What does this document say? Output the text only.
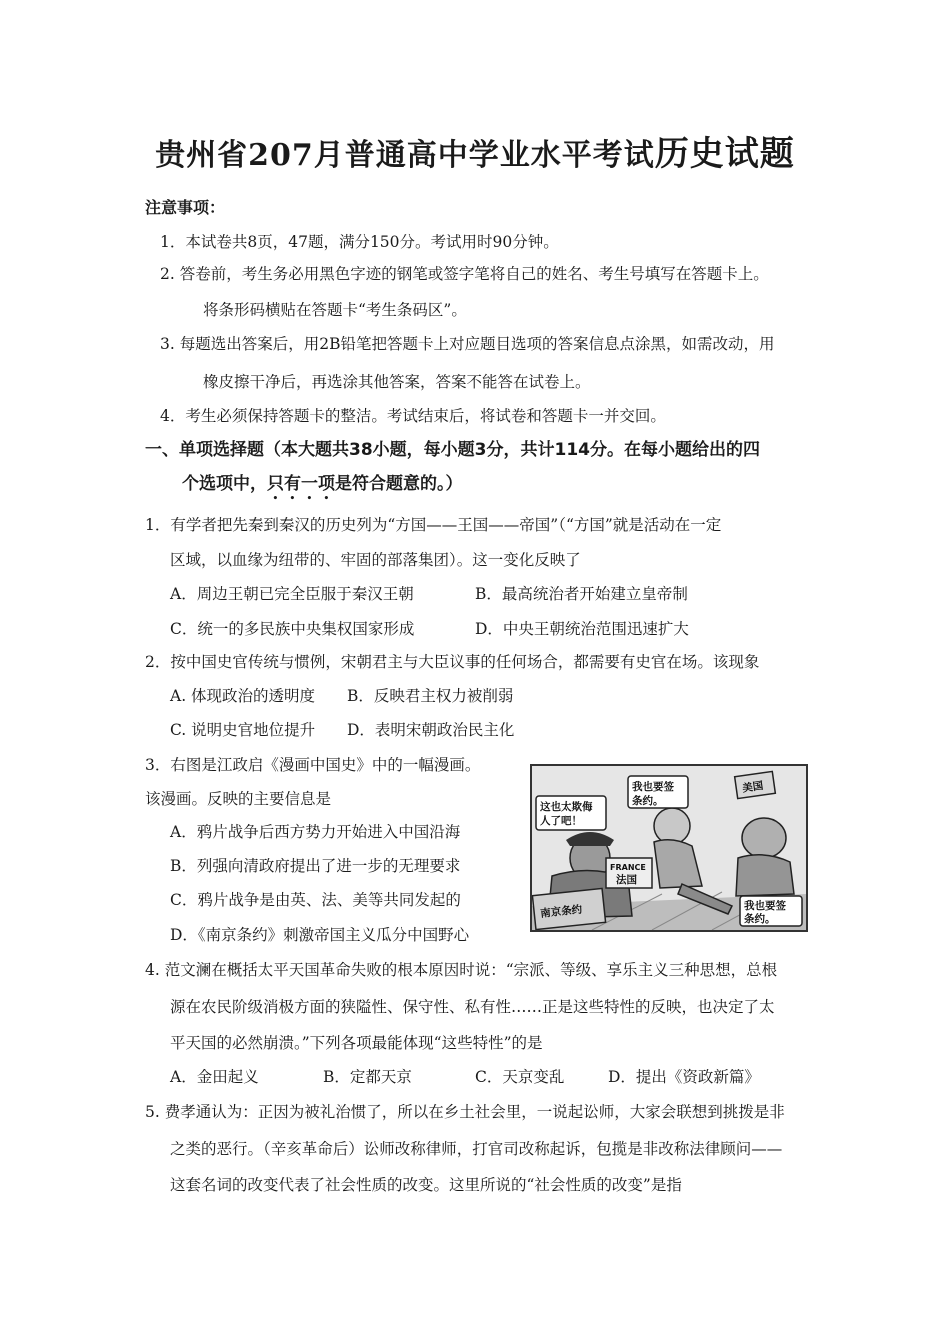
贵州省207月普通高中学业水平考试历史试题
注意事项：
1．本试卷共8页，47题，满分150分。考试用时90分钟。
2. 答卷前，考生务必用黑色字迹的钢笔或签字笔将自己的姓名、考生号填写在答题卡上。
将条形码横贴在答题卡“考生条码区”。
3. 每题选出答案后，用2B铅笔把答题卡上对应题目选项的答案信息点涂黑，如需改动，用
橡皮擦干净后，再选涂其他答案，答案不能答在试卷上。
4．考生必须保持答题卡的整洁。考试结束后，将试卷和答题卡一并交回。
一、单项选择题（本大题共38小题，每小题3分，共计114分。在每小题给出的四
个选项中，只有一项是符合题意的。）
1．有学者把先秦到秦汉的历史列为“方国——王国——帝国”（“方国”就是活动在一定
区域，以血缘为纽带的、牢固的部落集团）。这一变化反映了
A．周边王朝已完全臣服于秦汉王朝	B．最高统治者开始建立皇帝制
C．统一的多民族中央集权国家形成	D．中央王朝统治范围迅速扩大
2．按中国史官传统与惯例，宋朝君主与大臣议事的任何场合，都需要有史官在场。该现象
A. 体现政治的透明度 B．反映君主权力被削弱
C. 说明史官地位提升 D．表明宋朝政治民主化
3．右图是江政启《漫画中国史》中的一幅漫画。
该漫画。反映的主要信息是
A．鸦片战争后西方势力开始进入中国沿海
B．列强向清政府提出了进一步的无理要求
C．鸦片战争是由英、法、美等共同发起的
D．《南京条约》刺激帝国主义瓜分中国野心
南京条约
FRANCE
法国
美国
这也太欺侮
人了吧！
我也要签
条约。
我也要签
条约。
4. 范文澜在概括太平天国革命失败的根本原因时说：“宗派、等级、享乐主义三种思想，总根
源在农民阶级消极方面的狭隘性、保守性、私有性……正是这些特性的反映，也决定了太
平天国的必然崩溃。”下列各项最能体现“这些特性”的是
A．金田起义	B．定都天京	C．天京变乱	D．提出《资政新篇》
5. 费孝通认为：正因为被礼治惯了，所以在乡土社会里，一说起讼师，大家会联想到挑拨是非
之类的恶行。（辛亥革命后）讼师改称律师，打官司改称起诉，包揽是非改称法律顾问——
这套名词的改变代表了社会性质的改变。这里所说的“社会性质的改变”是指
